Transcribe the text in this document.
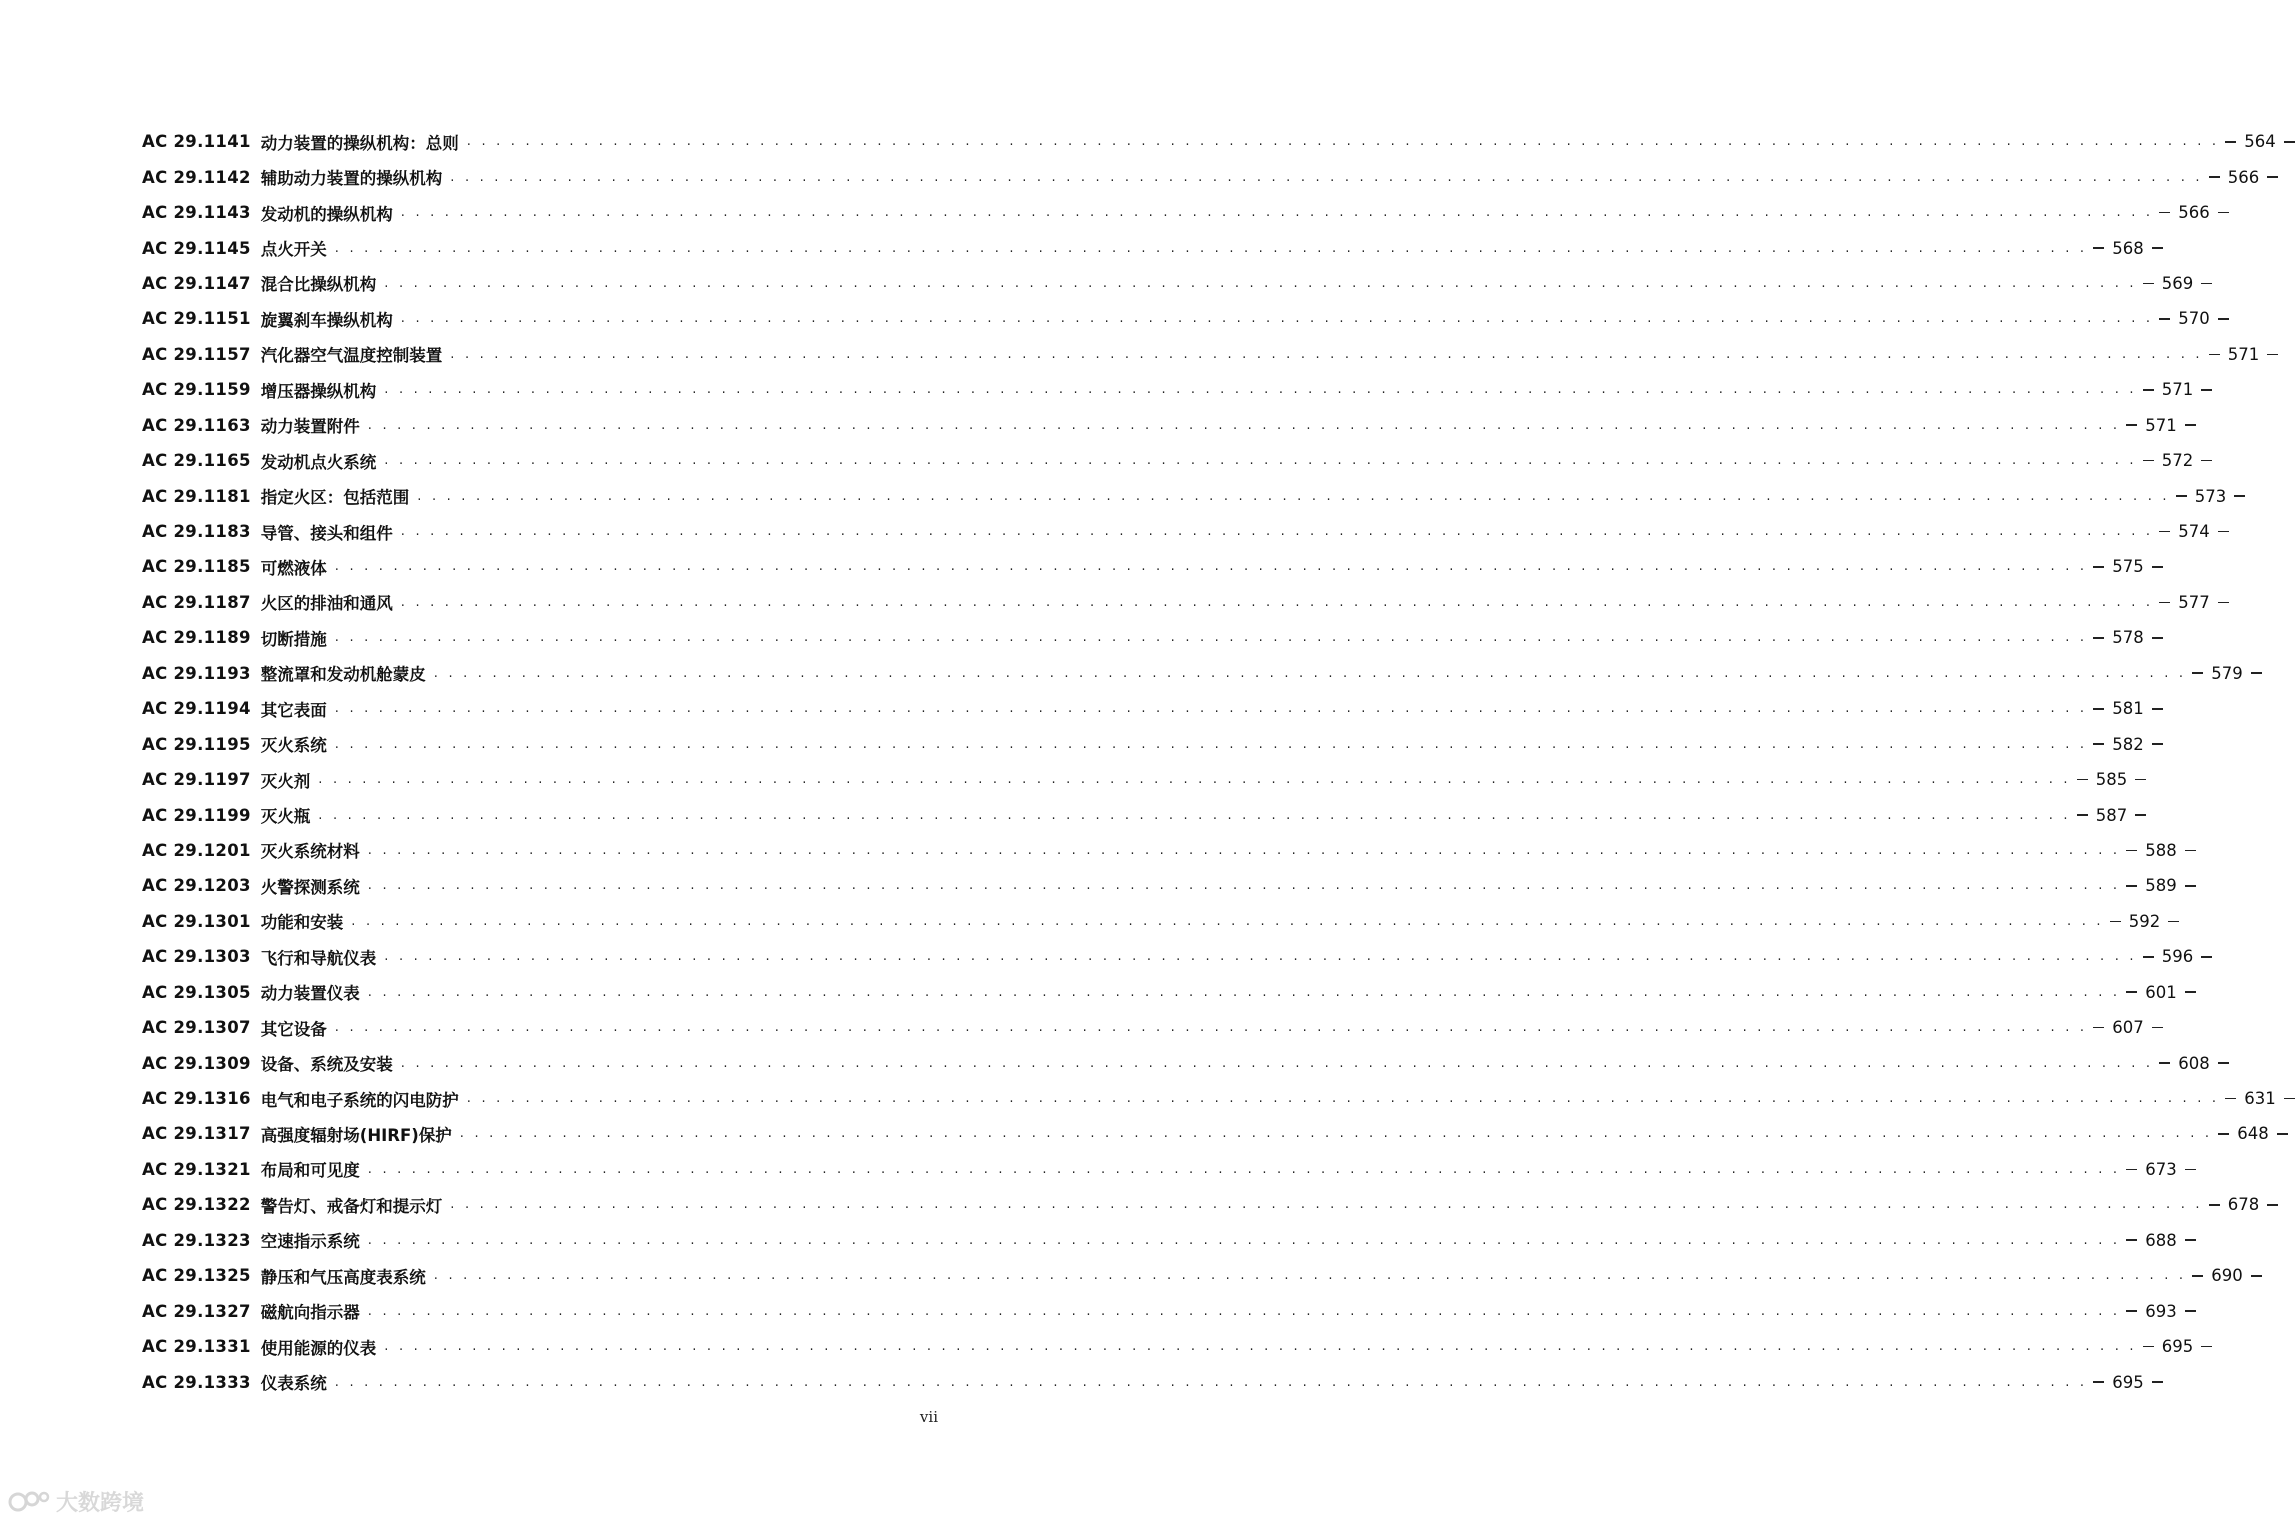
AC 29.1141 动力装置的操纵机构：总则 . . . . . . . . . . . . . . . . . . . . . . . . . . . . . . . . . . . . . . . . . . . . . . . . . . . . . . . . . . . . . . . . . . . . . . . . . . . . . . . . . . . . . . . . . . . . . . . . . . . . . . . . . . . . . . . . . . . . . . . . 564
AC 29.1142 辅助动力装置的操纵机构 . . . . . . . . . . . . . . . . . . . . . . . . . . . . . . . . . . . . . . . . . . . . . . . . . . . . . . . . . . . . . . . . . . . . . . . . . . . . . . . . . . . . . . . . . . . . . . . . . . . . . . . . . . . . . . . . . . . . . . . . 566
AC 29.1143 发动机的操纵机构 . . . . . . . . . . . . . . . . . . . . . . . . . . . . . . . . . . . . . . . . . . . . . . . . . . . . . . . . . . . . . . . . . . . . . . . . . . . . . . . . . . . . . . . . . . . . . . . . . . . . . . . . . . . . . . . . . . . . . . . . 566
AC 29.1145 点火开关 . . . . . . . . . . . . . . . . . . . . . . . . . . . . . . . . . . . . . . . . . . . . . . . . . . . . . . . . . . . . . . . . . . . . . . . . . . . . . . . . . . . . . . . . . . . . . . . . . . . . . . . . . . . . . . . . . . . . . . . . 568
AC 29.1147 混合比操纵机构 . . . . . . . . . . . . . . . . . . . . . . . . . . . . . . . . . . . . . . . . . . . . . . . . . . . . . . . . . . . . . . . . . . . . . . . . . . . . . . . . . . . . . . . . . . . . . . . . . . . . . . . . . . . . . . . . . . . . . . . . 569
AC 29.1151 旋翼刹车操纵机构 . . . . . . . . . . . . . . . . . . . . . . . . . . . . . . . . . . . . . . . . . . . . . . . . . . . . . . . . . . . . . . . . . . . . . . . . . . . . . . . . . . . . . . . . . . . . . . . . . . . . . . . . . . . . . . . . . . . . . . . . 570
AC 29.1157 汽化器空气温度控制装置 . . . . . . . . . . . . . . . . . . . . . . . . . . . . . . . . . . . . . . . . . . . . . . . . . . . . . . . . . . . . . . . . . . . . . . . . . . . . . . . . . . . . . . . . . . . . . . . . . . . . . . . . . . . . . . . . . . . . . . . . 571
AC 29.1159 增压器操纵机构 . . . . . . . . . . . . . . . . . . . . . . . . . . . . . . . . . . . . . . . . . . . . . . . . . . . . . . . . . . . . . . . . . . . . . . . . . . . . . . . . . . . . . . . . . . . . . . . . . . . . . . . . . . . . . . . . . . . . . . . . 571
AC 29.1163 动力装置附件 . . . . . . . . . . . . . . . . . . . . . . . . . . . . . . . . . . . . . . . . . . . . . . . . . . . . . . . . . . . . . . . . . . . . . . . . . . . . . . . . . . . . . . . . . . . . . . . . . . . . . . . . . . . . . . . . . . . . . . . . 571
AC 29.1165 发动机点火系统 . . . . . . . . . . . . . . . . . . . . . . . . . . . . . . . . . . . . . . . . . . . . . . . . . . . . . . . . . . . . . . . . . . . . . . . . . . . . . . . . . . . . . . . . . . . . . . . . . . . . . . . . . . . . . . . . . . . . . . . . 572
AC 29.1181 指定火区：包括范围 . . . . . . . . . . . . . . . . . . . . . . . . . . . . . . . . . . . . . . . . . . . . . . . . . . . . . . . . . . . . . . . . . . . . . . . . . . . . . . . . . . . . . . . . . . . . . . . . . . . . . . . . . . . . . . . . . . . . . . . . 573
AC 29.1183 导管、接头和组件 . . . . . . . . . . . . . . . . . . . . . . . . . . . . . . . . . . . . . . . . . . . . . . . . . . . . . . . . . . . . . . . . . . . . . . . . . . . . . . . . . . . . . . . . . . . . . . . . . . . . . . . . . . . . . . . . . . . . . . . . 574
AC 29.1185 可燃液体 . . . . . . . . . . . . . . . . . . . . . . . . . . . . . . . . . . . . . . . . . . . . . . . . . . . . . . . . . . . . . . . . . . . . . . . . . . . . . . . . . . . . . . . . . . . . . . . . . . . . . . . . . . . . . . . . . . . . . . . . 575
AC 29.1187 火区的排油和通风 . . . . . . . . . . . . . . . . . . . . . . . . . . . . . . . . . . . . . . . . . . . . . . . . . . . . . . . . . . . . . . . . . . . . . . . . . . . . . . . . . . . . . . . . . . . . . . . . . . . . . . . . . . . . . . . . . . . . . . . . 577
AC 29.1189 切断措施 . . . . . . . . . . . . . . . . . . . . . . . . . . . . . . . . . . . . . . . . . . . . . . . . . . . . . . . . . . . . . . . . . . . . . . . . . . . . . . . . . . . . . . . . . . . . . . . . . . . . . . . . . . . . . . . . . . . . . . . . 578
AC 29.1193 整流罩和发动机舱蒙皮 . . . . . . . . . . . . . . . . . . . . . . . . . . . . . . . . . . . . . . . . . . . . . . . . . . . . . . . . . . . . . . . . . . . . . . . . . . . . . . . . . . . . . . . . . . . . . . . . . . . . . . . . . . . . . . . . . . . . . . . . 579
AC 29.1194 其它表面 . . . . . . . . . . . . . . . . . . . . . . . . . . . . . . . . . . . . . . . . . . . . . . . . . . . . . . . . . . . . . . . . . . . . . . . . . . . . . . . . . . . . . . . . . . . . . . . . . . . . . . . . . . . . . . . . . . . . . . . . 581
AC 29.1195 灭火系统 . . . . . . . . . . . . . . . . . . . . . . . . . . . . . . . . . . . . . . . . . . . . . . . . . . . . . . . . . . . . . . . . . . . . . . . . . . . . . . . . . . . . . . . . . . . . . . . . . . . . . . . . . . . . . . . . . . . . . . . . 582
AC 29.1197 灭火剂 . . . . . . . . . . . . . . . . . . . . . . . . . . . . . . . . . . . . . . . . . . . . . . . . . . . . . . . . . . . . . . . . . . . . . . . . . . . . . . . . . . . . . . . . . . . . . . . . . . . . . . . . . . . . . . . . . . . . . . . . 585
AC 29.1199 灭火瓶 . . . . . . . . . . . . . . . . . . . . . . . . . . . . . . . . . . . . . . . . . . . . . . . . . . . . . . . . . . . . . . . . . . . . . . . . . . . . . . . . . . . . . . . . . . . . . . . . . . . . . . . . . . . . . . . . . . . . . . . . 587
AC 29.1201 灭火系统材料 . . . . . . . . . . . . . . . . . . . . . . . . . . . . . . . . . . . . . . . . . . . . . . . . . . . . . . . . . . . . . . . . . . . . . . . . . . . . . . . . . . . . . . . . . . . . . . . . . . . . . . . . . . . . . . . . . . . . . . . . 588
AC 29.1203 火警探测系统 . . . . . . . . . . . . . . . . . . . . . . . . . . . . . . . . . . . . . . . . . . . . . . . . . . . . . . . . . . . . . . . . . . . . . . . . . . . . . . . . . . . . . . . . . . . . . . . . . . . . . . . . . . . . . . . . . . . . . . . . 589
AC 29.1301 功能和安装 . . . . . . . . . . . . . . . . . . . . . . . . . . . . . . . . . . . . . . . . . . . . . . . . . . . . . . . . . . . . . . . . . . . . . . . . . . . . . . . . . . . . . . . . . . . . . . . . . . . . . . . . . . . . . . . . . . . . . . . . 592
AC 29.1303 飞行和导航仪表 . . . . . . . . . . . . . . . . . . . . . . . . . . . . . . . . . . . . . . . . . . . . . . . . . . . . . . . . . . . . . . . . . . . . . . . . . . . . . . . . . . . . . . . . . . . . . . . . . . . . . . . . . . . . . . . . . . . . . . . . 596
AC 29.1305 动力装置仪表 . . . . . . . . . . . . . . . . . . . . . . . . . . . . . . . . . . . . . . . . . . . . . . . . . . . . . . . . . . . . . . . . . . . . . . . . . . . . . . . . . . . . . . . . . . . . . . . . . . . . . . . . . . . . . . . . . . . . . . . . 601
AC 29.1307 其它设备 . . . . . . . . . . . . . . . . . . . . . . . . . . . . . . . . . . . . . . . . . . . . . . . . . . . . . . . . . . . . . . . . . . . . . . . . . . . . . . . . . . . . . . . . . . . . . . . . . . . . . . . . . . . . . . . . . . . . . . . . 607
AC 29.1309 设备、系统及安装 . . . . . . . . . . . . . . . . . . . . . . . . . . . . . . . . . . . . . . . . . . . . . . . . . . . . . . . . . . . . . . . . . . . . . . . . . . . . . . . . . . . . . . . . . . . . . . . . . . . . . . . . . . . . . . . . . . . . . . . . 608
AC 29.1316 电气和电子系统的闪电防护 . . . . . . . . . . . . . . . . . . . . . . . . . . . . . . . . . . . . . . . . . . . . . . . . . . . . . . . . . . . . . . . . . . . . . . . . . . . . . . . . . . . . . . . . . . . . . . . . . . . . . . . . . . . . . . . . . . . . . . . . 631
AC 29.1317 高强度辐射场(HIRF)保护 . . . . . . . . . . . . . . . . . . . . . . . . . . . . . . . . . . . . . . . . . . . . . . . . . . . . . . . . . . . . . . . . . . . . . . . . . . . . . . . . . . . . . . . . . . . . . . . . . . . . . . . . . . . . . . . . . . . . . . . . 648
AC 29.1321 布局和可见度 . . . . . . . . . . . . . . . . . . . . . . . . . . . . . . . . . . . . . . . . . . . . . . . . . . . . . . . . . . . . . . . . . . . . . . . . . . . . . . . . . . . . . . . . . . . . . . . . . . . . . . . . . . . . . . . . . . . . . . . . 673
AC 29.1322 警告灯、戒备灯和提示灯 . . . . . . . . . . . . . . . . . . . . . . . . . . . . . . . . . . . . . . . . . . . . . . . . . . . . . . . . . . . . . . . . . . . . . . . . . . . . . . . . . . . . . . . . . . . . . . . . . . . . . . . . . . . . . . . . . . . . . . . . 678
AC 29.1323 空速指示系统 . . . . . . . . . . . . . . . . . . . . . . . . . . . . . . . . . . . . . . . . . . . . . . . . . . . . . . . . . . . . . . . . . . . . . . . . . . . . . . . . . . . . . . . . . . . . . . . . . . . . . . . . . . . . . . . . . . . . . . . . 688
AC 29.1325 静压和气压高度表系统 . . . . . . . . . . . . . . . . . . . . . . . . . . . . . . . . . . . . . . . . . . . . . . . . . . . . . . . . . . . . . . . . . . . . . . . . . . . . . . . . . . . . . . . . . . . . . . . . . . . . . . . . . . . . . . . . . . . . . . . . 690
AC 29.1327 磁航向指示器 . . . . . . . . . . . . . . . . . . . . . . . . . . . . . . . . . . . . . . . . . . . . . . . . . . . . . . . . . . . . . . . . . . . . . . . . . . . . . . . . . . . . . . . . . . . . . . . . . . . . . . . . . . . . . . . . . . . . . . . . 693
AC 29.1331 使用能源的仪表 . . . . . . . . . . . . . . . . . . . . . . . . . . . . . . . . . . . . . . . . . . . . . . . . . . . . . . . . . . . . . . . . . . . . . . . . . . . . . . . . . . . . . . . . . . . . . . . . . . . . . . . . . . . . . . . . . . . . . . . . 695
AC 29.1333 仪表系统 . . . . . . . . . . . . . . . . . . . . . . . . . . . . . . . . . . . . . . . . . . . . . . . . . . . . . . . . . . . . . . . . . . . . . . . . . . . . . . . . . . . . . . . . . . . . . . . . . . . . . . . . . . . . . . . . . . . . . . . . 695
vii
大数跨境
